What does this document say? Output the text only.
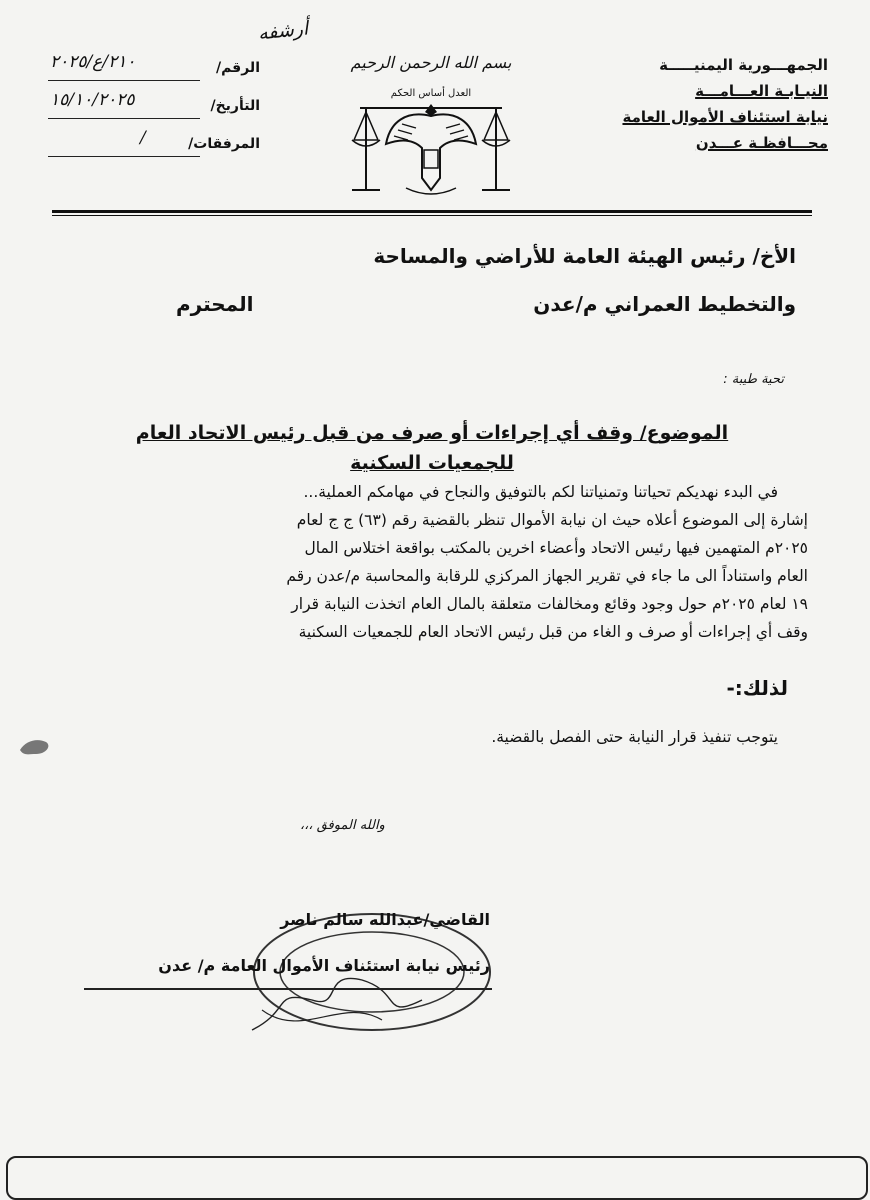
الجمهـــورية اليمنيـــــة
النيـابـة العـــامـــة
نيابة استئناف الأموال العامة
محـــافظـة عـــدن
بسم الله الرحمن الرحيم
العدل أساس الحكم
أرشفه
الرقم/
٢١٠/ع/٢٠٢٥
التأريخ/
١٥/١٠/٢٠٢٥
المرفقات/
/
الأخ/ رئيس الهيئة العامة للأراضي والمساحة
والتخطيط العمراني م/عدن
المحترم
تحية طيبة :
الموضوع/ وقف أي إجراءات أو صرف من قبل رئيس الاتحاد العام
للجمعيات السكنية

في البدء نهديكم تحياتنا وتمنياتنا لكم بالتوفيق والنجاح في مهامكم العملية...

إشارة إلى الموضوع أعلاه حيث ان نيابة الأموال تنظر بالقضية رقم (٦٣) ج ج لعام

٢٠٢٥م المتهمين فيها رئيس الاتحاد وأعضاء اخرين بالمكتب بواقعة اختلاس المال

العام واستناداً الى ما جاء في تقرير الجهاز المركزي للرقابة والمحاسبة م/عدن رقم

١٩ لعام ٢٠٢٥م حول وجود وقائع ومخالفات متعلقة بالمال العام اتخذت النيابة قرار

وقف أي إجراءات أو صرف و الغاء من قبل رئيس الاتحاد العام للجمعيات السكنية

لذلك:-
يتوجب تنفيذ قرار النيابة حتى الفصل بالقضية.
والله الموفق ،،،
القاضي/عبدالله سالم ناصر
رئيس نيابة استئناف الأموال العامة م/ عدن
